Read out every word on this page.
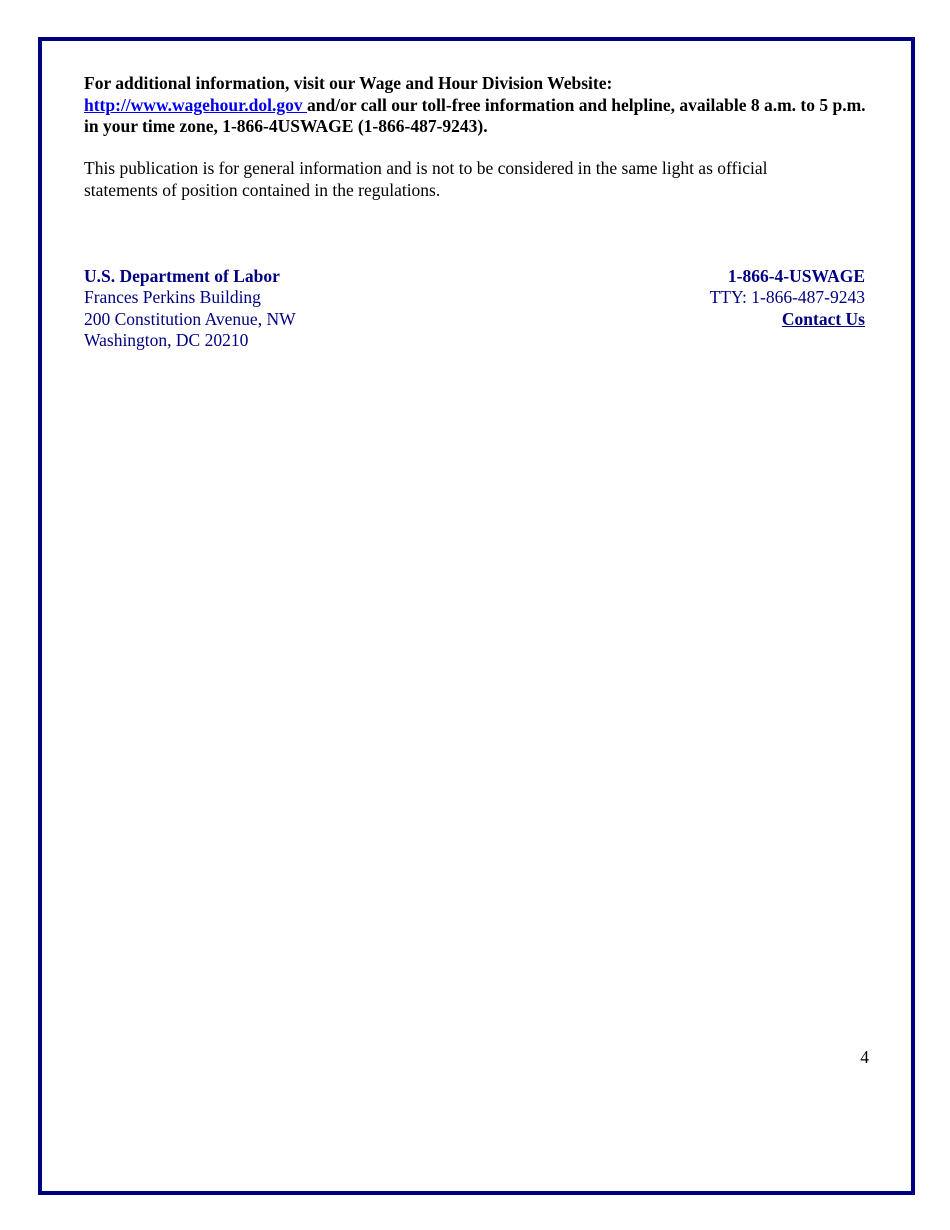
For additional information, visit our Wage and Hour Division Website:
http://www.wagehour.dol.gov and/or call our toll-free information and helpline, available 8 a.m. to 5 p.m. in your time zone, 1-866-4USWAGE (1-866-487-9243).
This publication is for general information and is not to be considered in the same light as official statements of position contained in the regulations.
U.S. Department of Labor
Frances Perkins Building
200 Constitution Avenue, NW
Washington, DC 20210
1-866-4-USWAGE
TTY: 1-866-487-9243
Contact Us
4
